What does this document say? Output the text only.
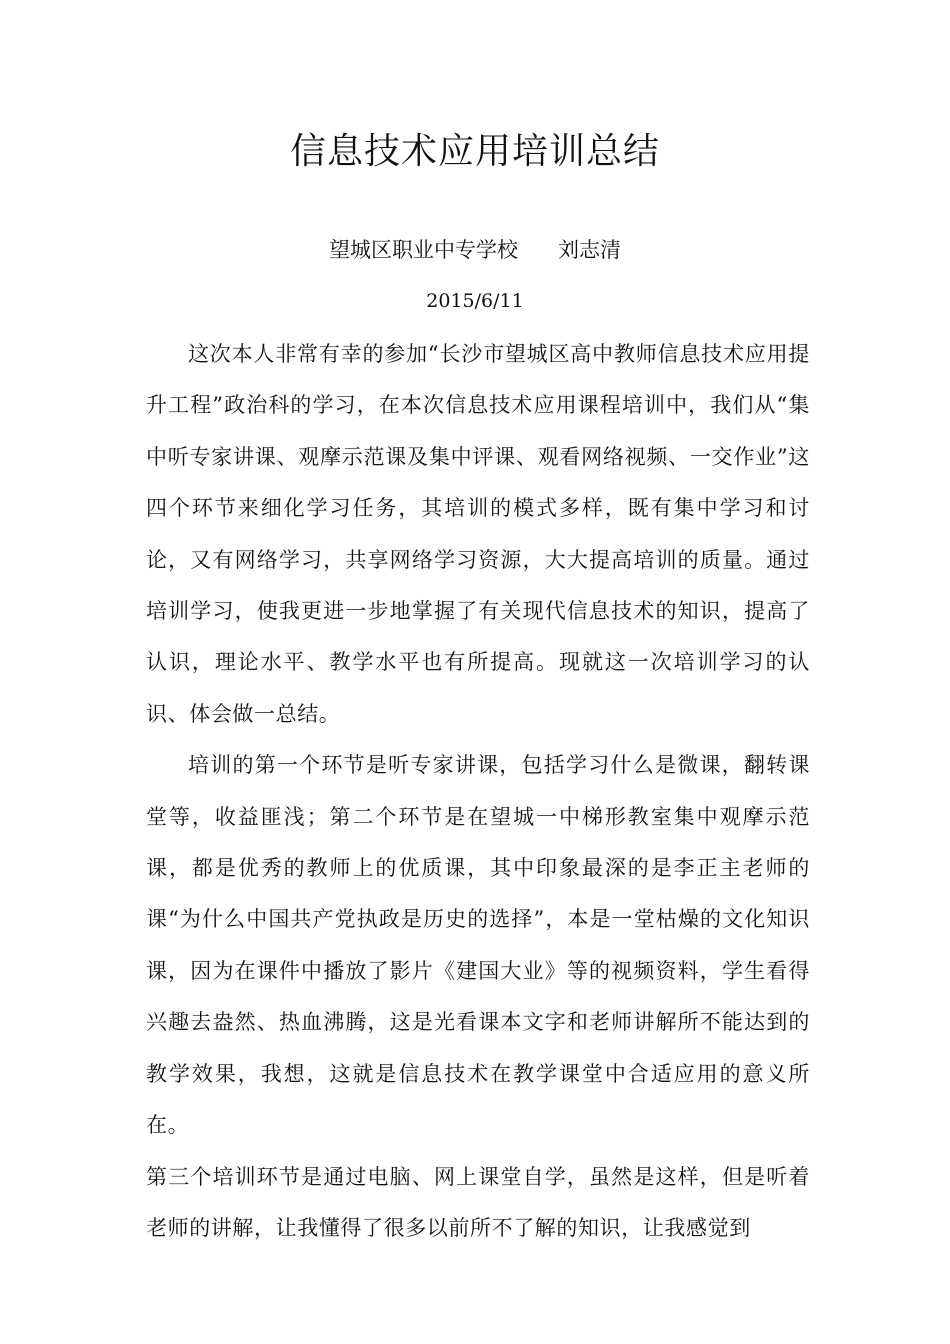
信息技术应用培训总结
望城区职业中专学校 刘志清
2015/6/11

这次本人非常有幸的参加“长沙市望城区高中教师信息技术应用提升工程”政治科的学习，在本次信息技术应用课程培训中，我们从“集中听专家讲课、观摩示范课及集中评课、观看网络视频、一交作业”这四个环节来细化学习任务，其培训的模式多样，既有集中学习和讨论，又有网络学习，共享网络学习资源，大大提高培训的质量。通过培训学习，使我更进一步地掌握了有关现代信息技术的知识，提高了认识，理论水平、教学水平也有所提高。现就这一次培训学习的认识、体会做一总结。

培训的第一个环节是听专家讲课，包括学习什么是微课，翻转课堂等，收益匪浅；第二个环节是在望城一中梯形教室集中观摩示范课，都是优秀的教师上的优质课，其中印象最深的是李正主老师的课“为什么中国共产党执政是历史的选择”，本是一堂枯燥的文化知识课，因为在课件中播放了影片《建国大业》等的视频资料，学生看得兴趣去盎然、热血沸腾，这是光看课本文字和老师讲解所不能达到的教学效果，我想，这就是信息技术在教学课堂中合适应用的意义所在。

第三个培训环节是通过电脑、网上课堂自学，虽然是这样，但是听着老师的讲解，让我懂得了很多以前所不了解的知识，让我感觉到
